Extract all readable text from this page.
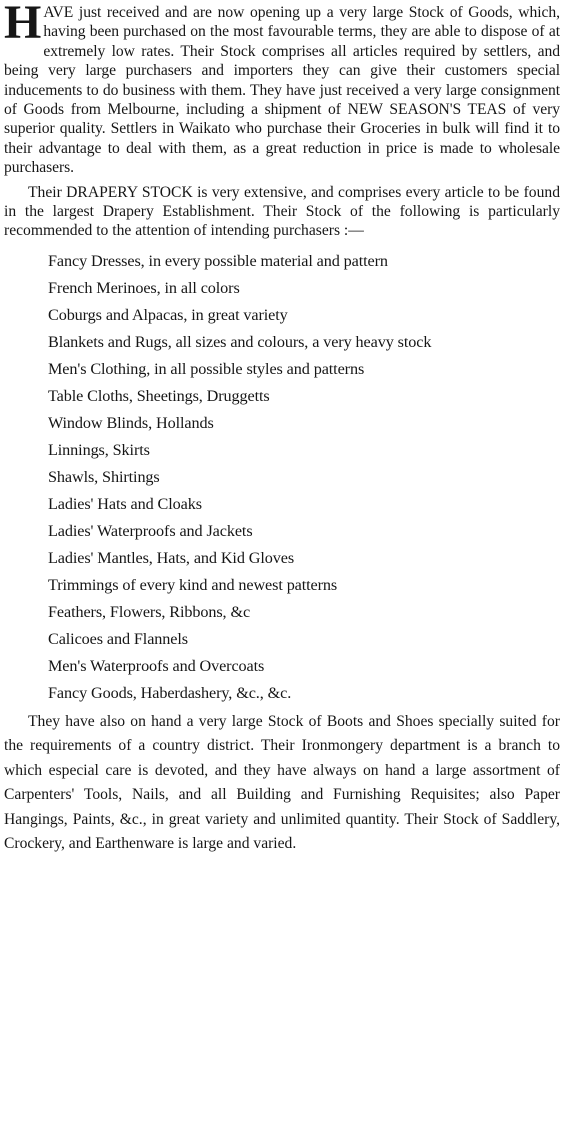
HAVE just received and are now opening up a very large Stock of Goods, which, having been purchased on the most favourable terms, they are able to dispose of at extremely low rates. Their Stock comprises all articles required by settlers, and being very large purchasers and importers they can give their customers special inducements to do business with them. They have just received a very large consignment of Goods from Melbourne, including a shipment of NEW SEASON'S TEAS of very superior quality. Settlers in Waikato who purchase their Groceries in bulk will find it to their advantage to deal with them, as a great reduction in price is made to wholesale purchasers.

Their DRAPERY STOCK is very extensive, and comprises every article to be found in the largest Drapery Establishment. Their Stock of the following is particularly recommended to the attention of intending purchasers :—

Fancy Dresses, in every possible material and pattern
French Merinoes, in all colors
Coburgs and Alpacas, in great variety
Blankets and Rugs, all sizes and colours, a very heavy stock
Men's Clothing, in all possible styles and patterns
Table Cloths, Sheetings, Druggetts
Window Blinds, Hollands
Linnings, Skirts
Shawls, Shirtings
Ladies' Hats and Cloaks
Ladies' Waterproofs and Jackets
Ladies' Mantles, Hats, and Kid Gloves
Trimmings of every kind and newest patterns
Feathers, Flowers, Ribbons, &c
Calicoes and Flannels
Men's Waterproofs and Overcoats
Fancy Goods, Haberdashery, &c., &c.

They have also on hand a very large Stock of Boots and Shoes specially suited for the requirements of a country district. Their Ironmongery department is a branch to which especial care is devoted, and they have always on hand a large assortment of Carpenters' Tools, Nails, and all Building and Furnishing Requisites; also Paper Hangings, Paints, &c., in great variety and unlimited quantity. Their Stock of Saddlery, Crockery, and Earthenware is large and varied.
